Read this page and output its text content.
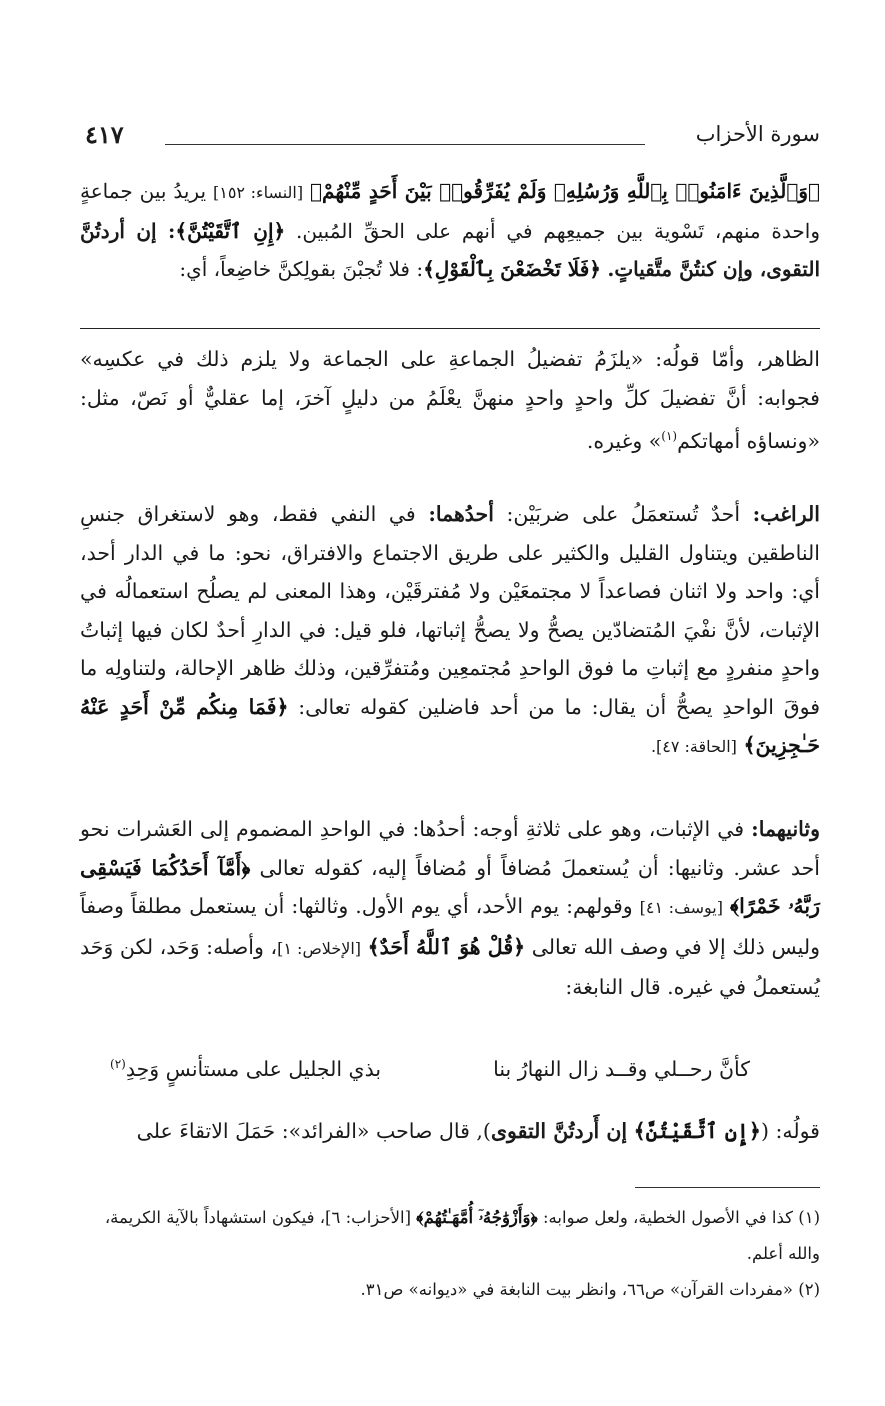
سورة الأحزاب
٤١٧
﴿وَٱلَّذِينَ ءَامَنُوا۟ بِٱللَّهِ وَرُسُلِهِۦ وَلَمْ يُفَرِّقُوا۟ بَيْنَ أَحَدٍ مِّنْهُمْ﴾ [النساء: ١٥٢] يريدُ بين جماعةٍ واحدة منهم، تَسْوية بين جميعِهم في أنهم على الحقِّ المُبين. ﴿إِنِ ٱتَّقَيْتُنَّ﴾: إن أردتُنَّ التقوى، وإن كنتُنَّ متَّقياتٍ. ﴿فَلَا تَخْضَعْنَ بِٱلْقَوْلِ﴾: فلا تُجبْنَ بقولِكنَّ خاضِعاً، أي:
الظاهر، وأمّا قولُه: «يلزَمُ تفضيلُ الجماعةِ على الجماعة ولا يلزم ذلك في عكسِه» فجوابه: أنَّ تفضيلَ كلِّ واحدٍ واحدٍ منهنَّ يعْلَمُ من دليلٍ آخرَ، إما عقليٌّ أو نَصّ، مثل: «ونساؤه أمهاتكم$^{(١)}$» وغيره.
الراغب: أحدٌ تُستعمَلُ على ضربَيْن: أحدُهما: في النفي فقط، وهو لاستغراق جنسِ الناطقين ويتناول القليل والكثير على طريق الاجتماع والافتراق، نحو: ما في الدار أحد، أي: واحد ولا اثنان فصاعداً لا مجتمعَيْن ولا مُفترقَيْن، وهذا المعنى لم يصلُح استعمالُه في الإثبات، لأنَّ نفْيَ المُتضادّين يصحُّ ولا يصحُّ إثباتها، فلو قيل: في الدارِ أحدٌ لكان فيها إثباتُ واحدٍ منفردٍ مع إثباتِ ما فوق الواحدِ مُجتمعِين ومُتفرِّقين، وذلك ظاهر الإحالة، ولتناولِه ما فوقَ الواحدِ يصحُّ أن يقال: ما من أحد فاضلين كقوله تعالى: ﴿فَمَا مِنكُم مِّنْ أَحَدٍ عَنْهُ حَـٰجِزِينَ﴾ [الحاقة: ٤٧].
وثانيهما: في الإثبات، وهو على ثلاثةِ أوجه: أحدُها: في الواحدِ المضموم إلى العَشرات نحو أحد عشر. وثانيها: أن يُستعملَ مُضافاً أو مُضافاً إليه، كقوله تعالى ﴿أَمَّآ أَحَدُكُمَا فَيَسْقِى رَبَّهُۥ خَمْرًا﴾ [يوسف: ٤١] وقولهم: يوم الأحد، أي يوم الأول. وثالثها: أن يستعمل مطلقاً وصفاً وليس ذلك إلا في وصف الله تعالى ﴿قُلْ هُوَ ٱللَّهُ أَحَدٌ﴾ [الإخلاص: ١]، وأصله: وَحَد، لكن وَحَد يُستعملُ في غيره. قال النابغة:
كأنَّ رحــلي وقــد زال النهارُ بنا
بذي الجليل على مستأنسٍ وَحِدِ$^{(٢)}$
قولُه: (﴿إِنِ ٱتَّقَيْتُنَّ﴾ إن أَردتُنَّ التقوى), قال صاحب «الفرائد»: حَمَلَ الاتقاءَ على
(١) كذا في الأصول الخطية، ولعل صوابه: ﴿وَأَزْوَٰجُهُۥٓ أُمَّهَـٰتُهُمْ﴾ [الأحزاب: ٦]، فيكون استشهاداً بالآية الكريمة، والله أعلم.
(٢) «مفردات القرآن» ص٦٦، وانظر بيت النابغة في «ديوانه» ص٣١.
